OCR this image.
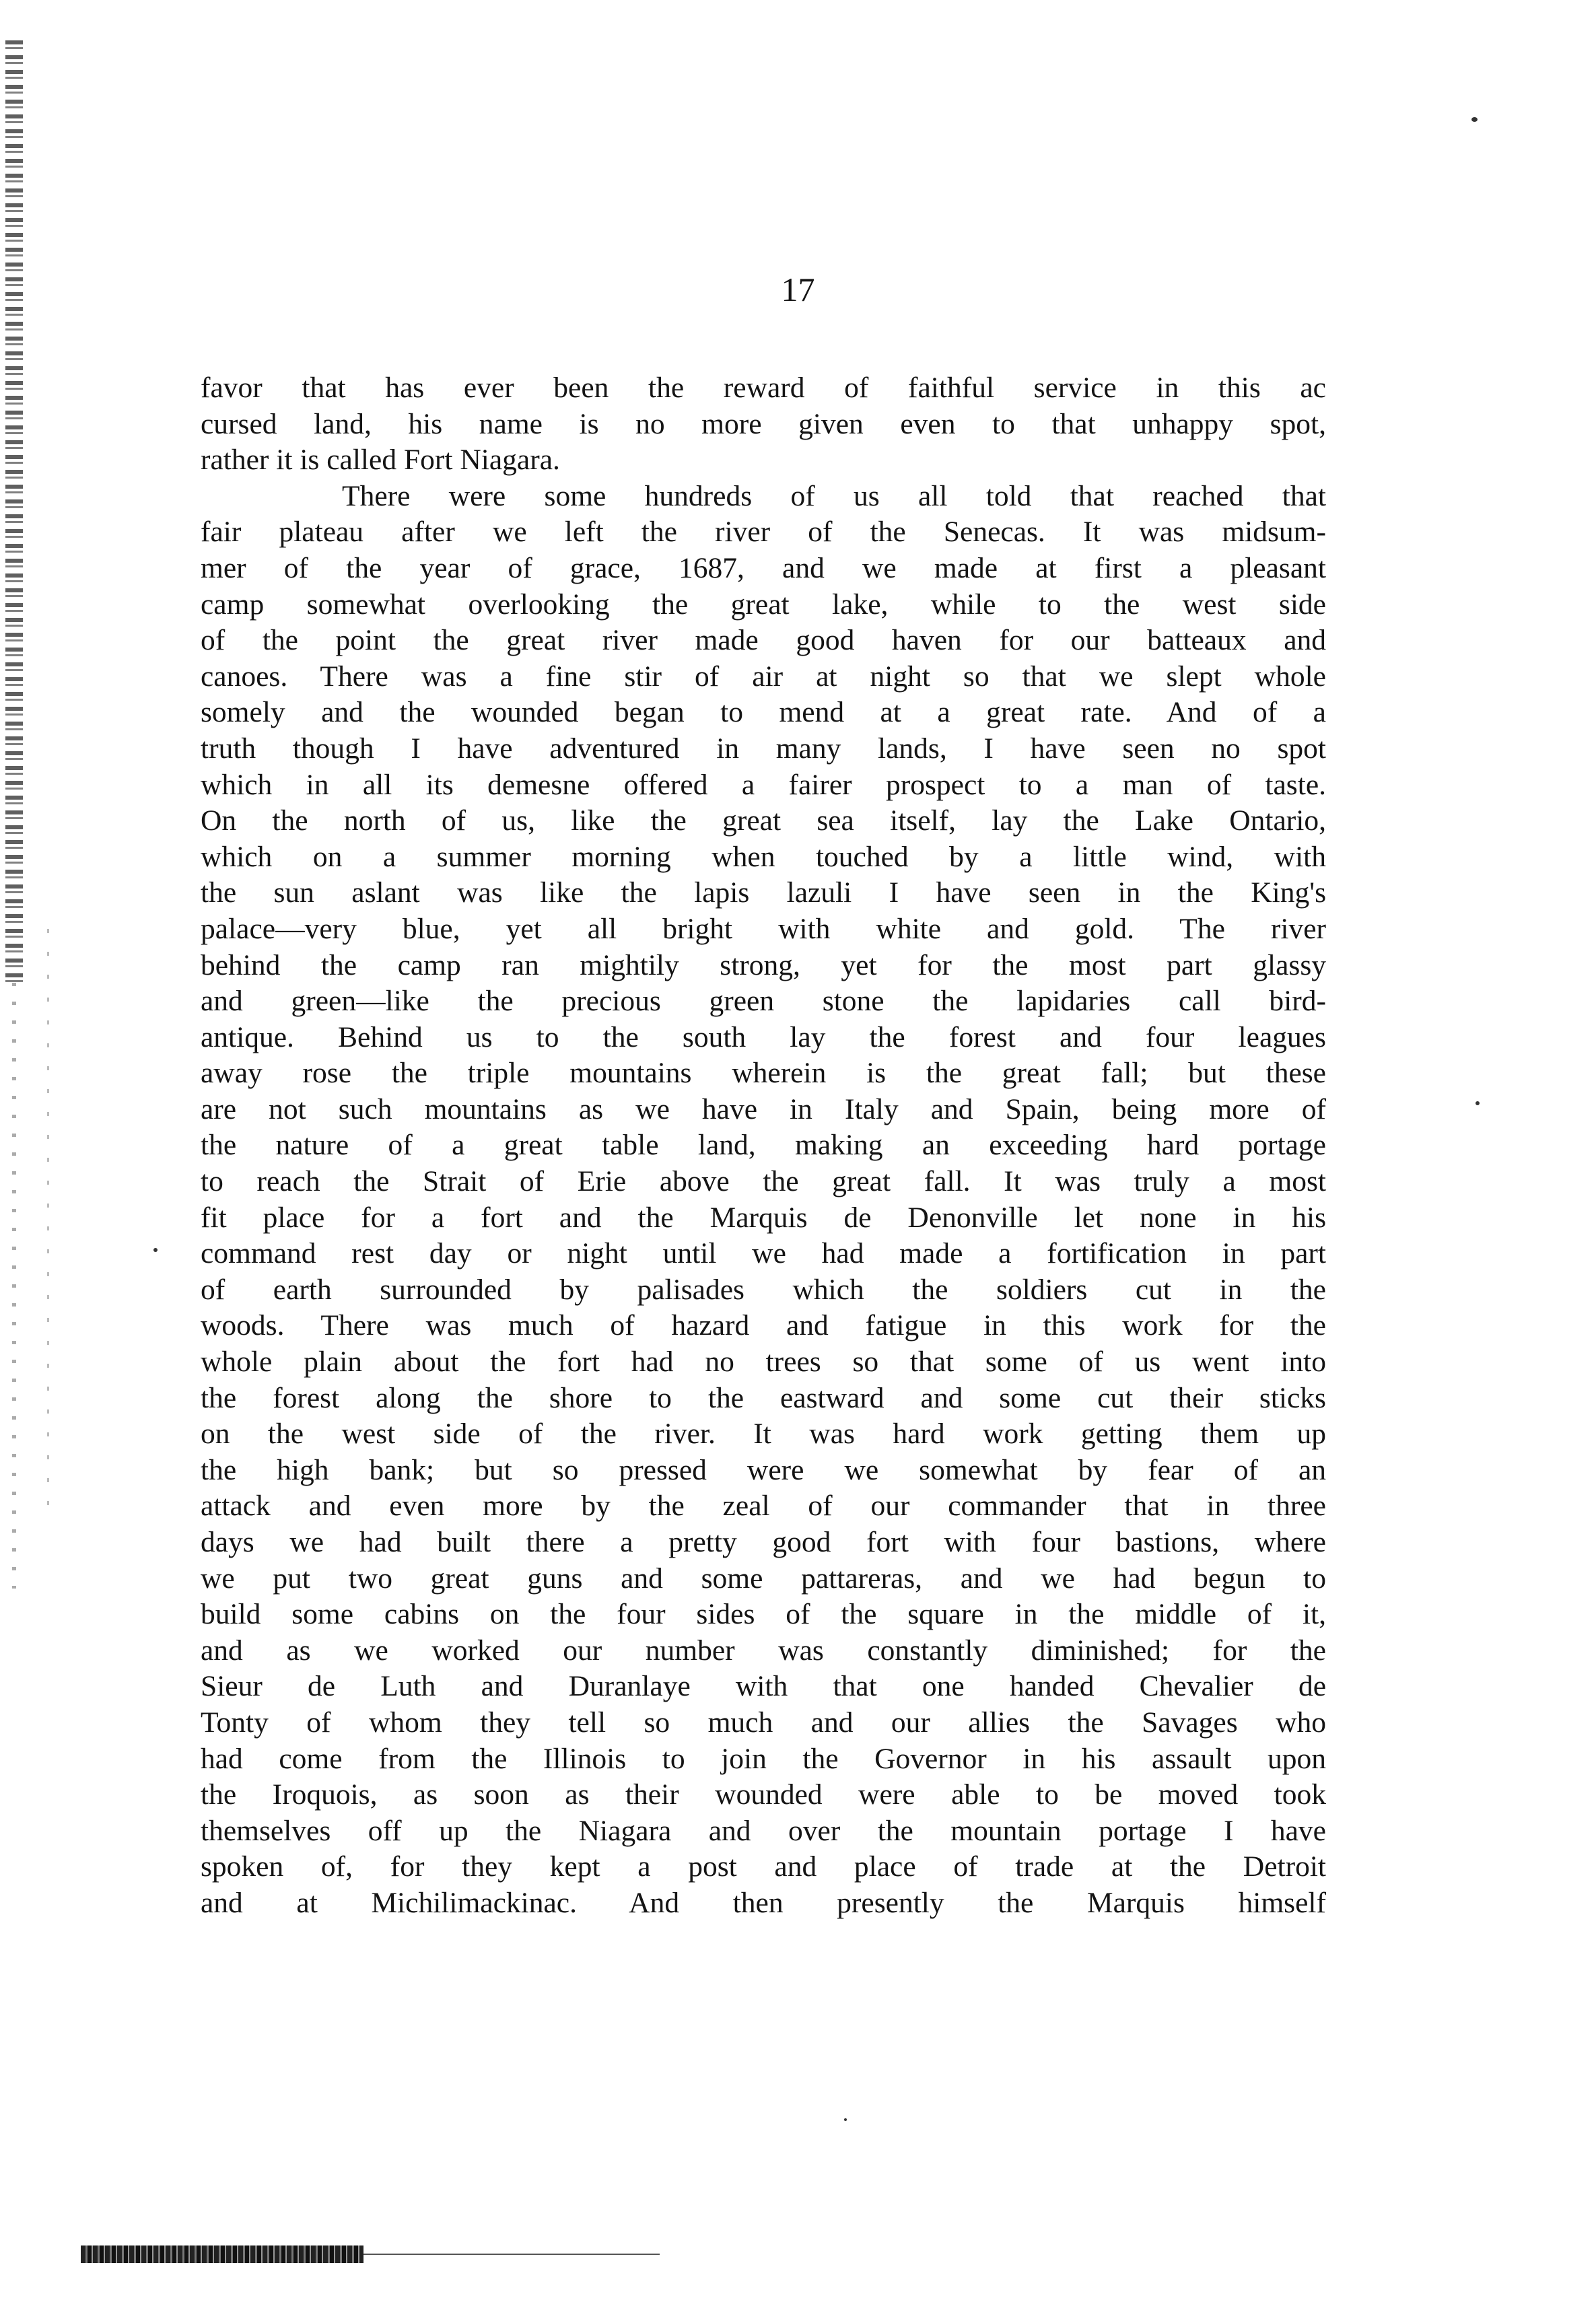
17
favor that has ever been the reward of faithful service in this ac
cursed land, his name is no more given even to that unhappy spot,
rather it is called Fort Niagara.
There were some hundreds of us all told that reached that
fair plateau after we left the river of the Senecas. It was midsum-
mer of the year of grace, 1687, and we made at first a pleasant
camp somewhat overlooking the great lake, while to the west side
of the point the great river made good haven for our batteaux and
canoes. There was a fine stir of air at night so that we slept whole
somely and the wounded began to mend at a great rate. And of a
truth though I have adventured in many lands, I have seen no spot
which in all its demesne offered a fairer prospect to a man of taste.
On the north of us, like the great sea itself, lay the Lake Ontario,
which on a summer morning when touched by a little wind, with
the sun aslant was like the lapis lazuli I have seen in the King's
palace—very blue, yet all bright with white and gold. The river
behind the camp ran mightily strong, yet for the most part glassy
and green—like the precious green stone the lapidaries call bird-
antique. Behind us to the south lay the forest and four leagues
away rose the triple mountains wherein is the great fall; but these
are not such mountains as we have in Italy and Spain, being more of
the nature of a great table land, making an exceeding hard portage
to reach the Strait of Erie above the great fall. It was truly a most
fit place for a fort and the Marquis de Denonville let none in his
command rest day or night until we had made a fortification in part
of earth surrounded by palisades which the soldiers cut in the
woods. There was much of hazard and fatigue in this work for the
whole plain about the fort had no trees so that some of us went into
the forest along the shore to the eastward and some cut their sticks
on the west side of the river. It was hard work getting them up
the high bank; but so pressed were we somewhat by fear of an
attack and even more by the zeal of our commander that in three
days we had built there a pretty good fort with four bastions, where
we put two great guns and some pattareras, and we had begun to
build some cabins on the four sides of the square in the middle of it,
and as we worked our number was constantly diminished; for the
Sieur de Luth and Duranlaye with that one handed Chevalier de
Tonty of whom they tell so much and our allies the Savages who
had come from the Illinois to join the Governor in his assault upon
the Iroquois, as soon as their wounded were able to be moved took
themselves off up the Niagara and over the mountain portage I have
spoken of, for they kept a post and place of trade at the Detroit
and at Michilimackinac. And then presently the Marquis himself
